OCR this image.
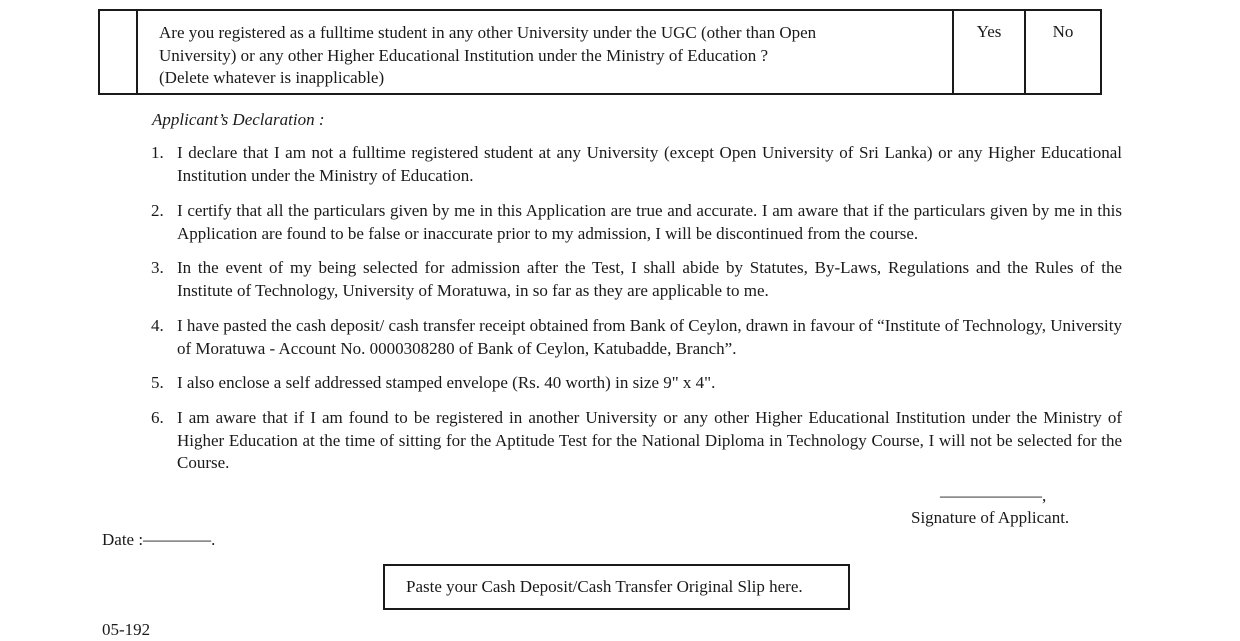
Are you registered as a fulltime student in any other University under the UGC (other than Open
University) or any other Higher Educational Institution under the Ministry of Education ?
(Delete whatever is inapplicable)
Yes	No
Applicant’s Declaration :
1. I declare that I am not a fulltime registered student at any University (except Open University of Sri Lanka) or any Higher Educational Institution under the Ministry of Education.
2. I certify that all the particulars given by me in this Application are true and accurate. I am aware that if the particulars given by me in this Application are found to be false or inaccurate prior to my admission, I will be discontinued from the course.
3. In the event of my being selected for admission after the Test, I shall abide by Statutes, By-Laws, Regulations and the Rules of the Institute of Technology, University of Moratuwa, in so far as they are applicable to me.
4. I have pasted the cash deposit/ cash transfer receipt obtained from Bank of Ceylon, drawn in favour of “Institute of Technology, University of Moratuwa - Account No. 0000308280 of Bank of Ceylon, Katubadde, Branch”.
5. I also enclose a self addressed stamped envelope (Rs. 40 worth) in size 9" x 4".
6. I am aware that if I am found to be registered in another University or any other Higher Educational Institution under the Ministry of Higher Education at the time of sitting for the Aptitude Test for the National Diploma in Technology Course, I will not be selected for the Course.
——————,
Signature of Applicant.
Date :————.
Paste your Cash Deposit/Cash Transfer Original Slip here.
05-192
